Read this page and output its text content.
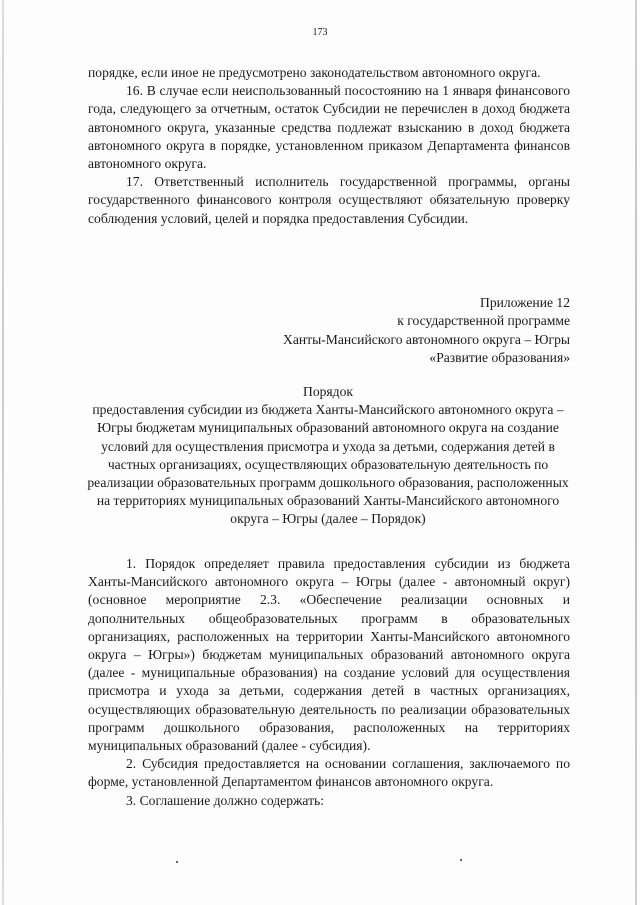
173

порядке, если иное не предусмотрено законодательством автономного округа.

16. В случае если неиспользованный посостоянию на 1 января финансового года, следующего за отчетным, остаток Субсидии не перечислен в доход бюджета автономного округа, указанные средства подлежат взысканию в доход бюджета автономного округа в порядке, установленном приказом Департамента финансов автономного округа.

17. Ответственный исполнитель государственной программы, органы государственного финансового контроля осуществляют обязательную проверку соблюдения условий, целей и порядка предоставления Субсидии.

Приложение 12
к государственной программе
Ханты-Мансийского автономного округа – Югры
«Развитие образования»
Порядок
предоставления субсидии из бюджета Ханты-Мансийского автономного округа – Югры бюджетам муниципальных образований автономного округа на создание условий для осуществления присмотра и ухода за детьми, содержания детей в частных организациях, осуществляющих образовательную деятельность по реализации образовательных программ дошкольного образования, расположенных на территориях муниципальных образований Ханты-Мансийского автономного округа – Югры (далее – Порядок)

1. Порядок определяет правила предоставления субсидии из бюджета Ханты-Мансийского автономного округа – Югры (далее - автономный округ) (основное мероприятие 2.3. «Обеспечение реализации основных и дополнительных общеобразовательных программ в образовательных организациях, расположенных на территории Ханты-Мансийского автономного округа – Югры») бюджетам муниципальных образований автономного округа (далее - муниципальные образования) на создание условий для осуществления присмотра и ухода за детьми, содержания детей в частных организациях, осуществляющих образовательную деятельность по реализации образовательных программ дошкольного образования, расположенных на территориях муниципальных образований (далее - субсидия).

2. Субсидия предоставляется на основании соглашения, заключаемого по форме, установленной Департаментом финансов автономного округа.

3. Соглашение должно содержать:
